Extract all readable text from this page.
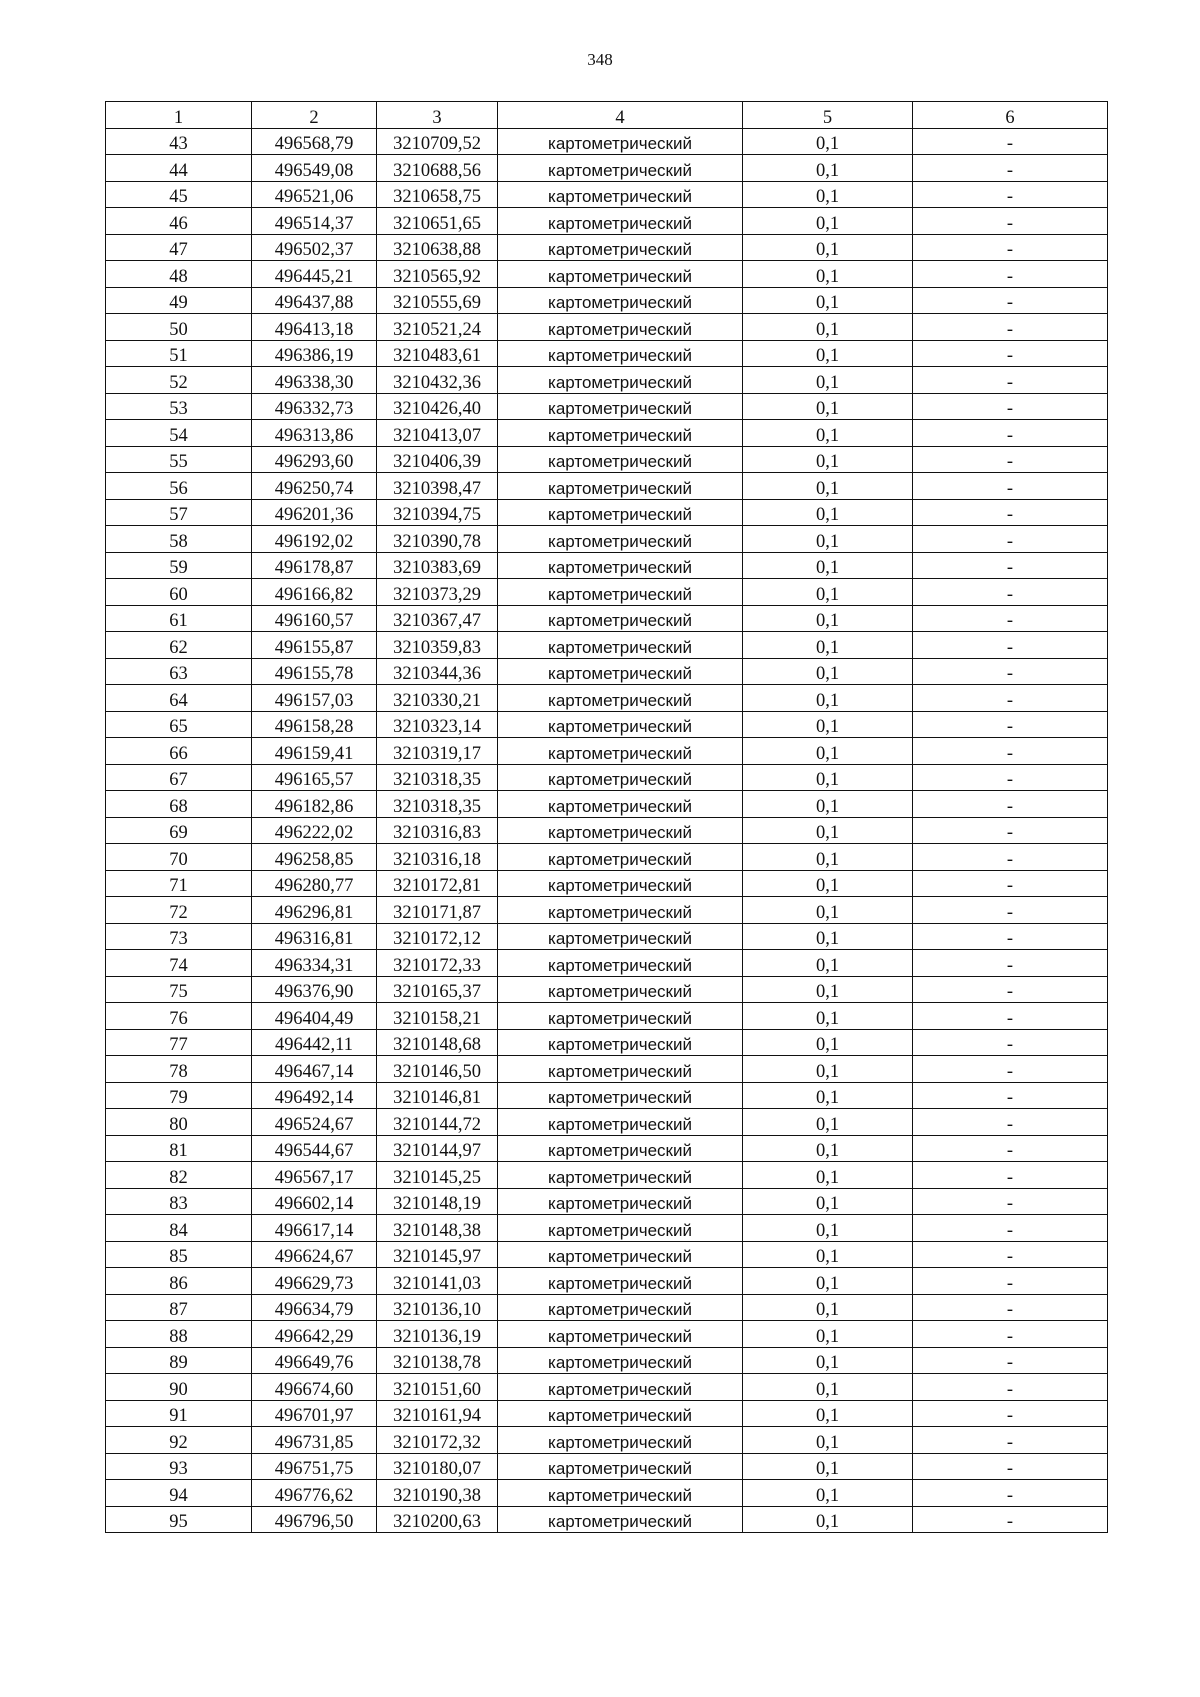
348
1	2	3	4	5	6
43	496568,79	3210709,52	картометрический	0,1	-
44	496549,08	3210688,56	картометрический	0,1	-
45	496521,06	3210658,75	картометрический	0,1	-
46	496514,37	3210651,65	картометрический	0,1	-
47	496502,37	3210638,88	картометрический	0,1	-
48	496445,21	3210565,92	картометрический	0,1	-
49	496437,88	3210555,69	картометрический	0,1	-
50	496413,18	3210521,24	картометрический	0,1	-
51	496386,19	3210483,61	картометрический	0,1	-
52	496338,30	3210432,36	картометрический	0,1	-
53	496332,73	3210426,40	картометрический	0,1	-
54	496313,86	3210413,07	картометрический	0,1	-
55	496293,60	3210406,39	картометрический	0,1	-
56	496250,74	3210398,47	картометрический	0,1	-
57	496201,36	3210394,75	картометрический	0,1	-
58	496192,02	3210390,78	картометрический	0,1	-
59	496178,87	3210383,69	картометрический	0,1	-
60	496166,82	3210373,29	картометрический	0,1	-
61	496160,57	3210367,47	картометрический	0,1	-
62	496155,87	3210359,83	картометрический	0,1	-
63	496155,78	3210344,36	картометрический	0,1	-
64	496157,03	3210330,21	картометрический	0,1	-
65	496158,28	3210323,14	картометрический	0,1	-
66	496159,41	3210319,17	картометрический	0,1	-
67	496165,57	3210318,35	картометрический	0,1	-
68	496182,86	3210318,35	картометрический	0,1	-
69	496222,02	3210316,83	картометрический	0,1	-
70	496258,85	3210316,18	картометрический	0,1	-
71	496280,77	3210172,81	картометрический	0,1	-
72	496296,81	3210171,87	картометрический	0,1	-
73	496316,81	3210172,12	картометрический	0,1	-
74	496334,31	3210172,33	картометрический	0,1	-
75	496376,90	3210165,37	картометрический	0,1	-
76	496404,49	3210158,21	картометрический	0,1	-
77	496442,11	3210148,68	картометрический	0,1	-
78	496467,14	3210146,50	картометрический	0,1	-
79	496492,14	3210146,81	картометрический	0,1	-
80	496524,67	3210144,72	картометрический	0,1	-
81	496544,67	3210144,97	картометрический	0,1	-
82	496567,17	3210145,25	картометрический	0,1	-
83	496602,14	3210148,19	картометрический	0,1	-
84	496617,14	3210148,38	картометрический	0,1	-
85	496624,67	3210145,97	картометрический	0,1	-
86	496629,73	3210141,03	картометрический	0,1	-
87	496634,79	3210136,10	картометрический	0,1	-
88	496642,29	3210136,19	картометрический	0,1	-
89	496649,76	3210138,78	картометрический	0,1	-
90	496674,60	3210151,60	картометрический	0,1	-
91	496701,97	3210161,94	картометрический	0,1	-
92	496731,85	3210172,32	картометрический	0,1	-
93	496751,75	3210180,07	картометрический	0,1	-
94	496776,62	3210190,38	картометрический	0,1	-
95	496796,50	3210200,63	картометрический	0,1	-
